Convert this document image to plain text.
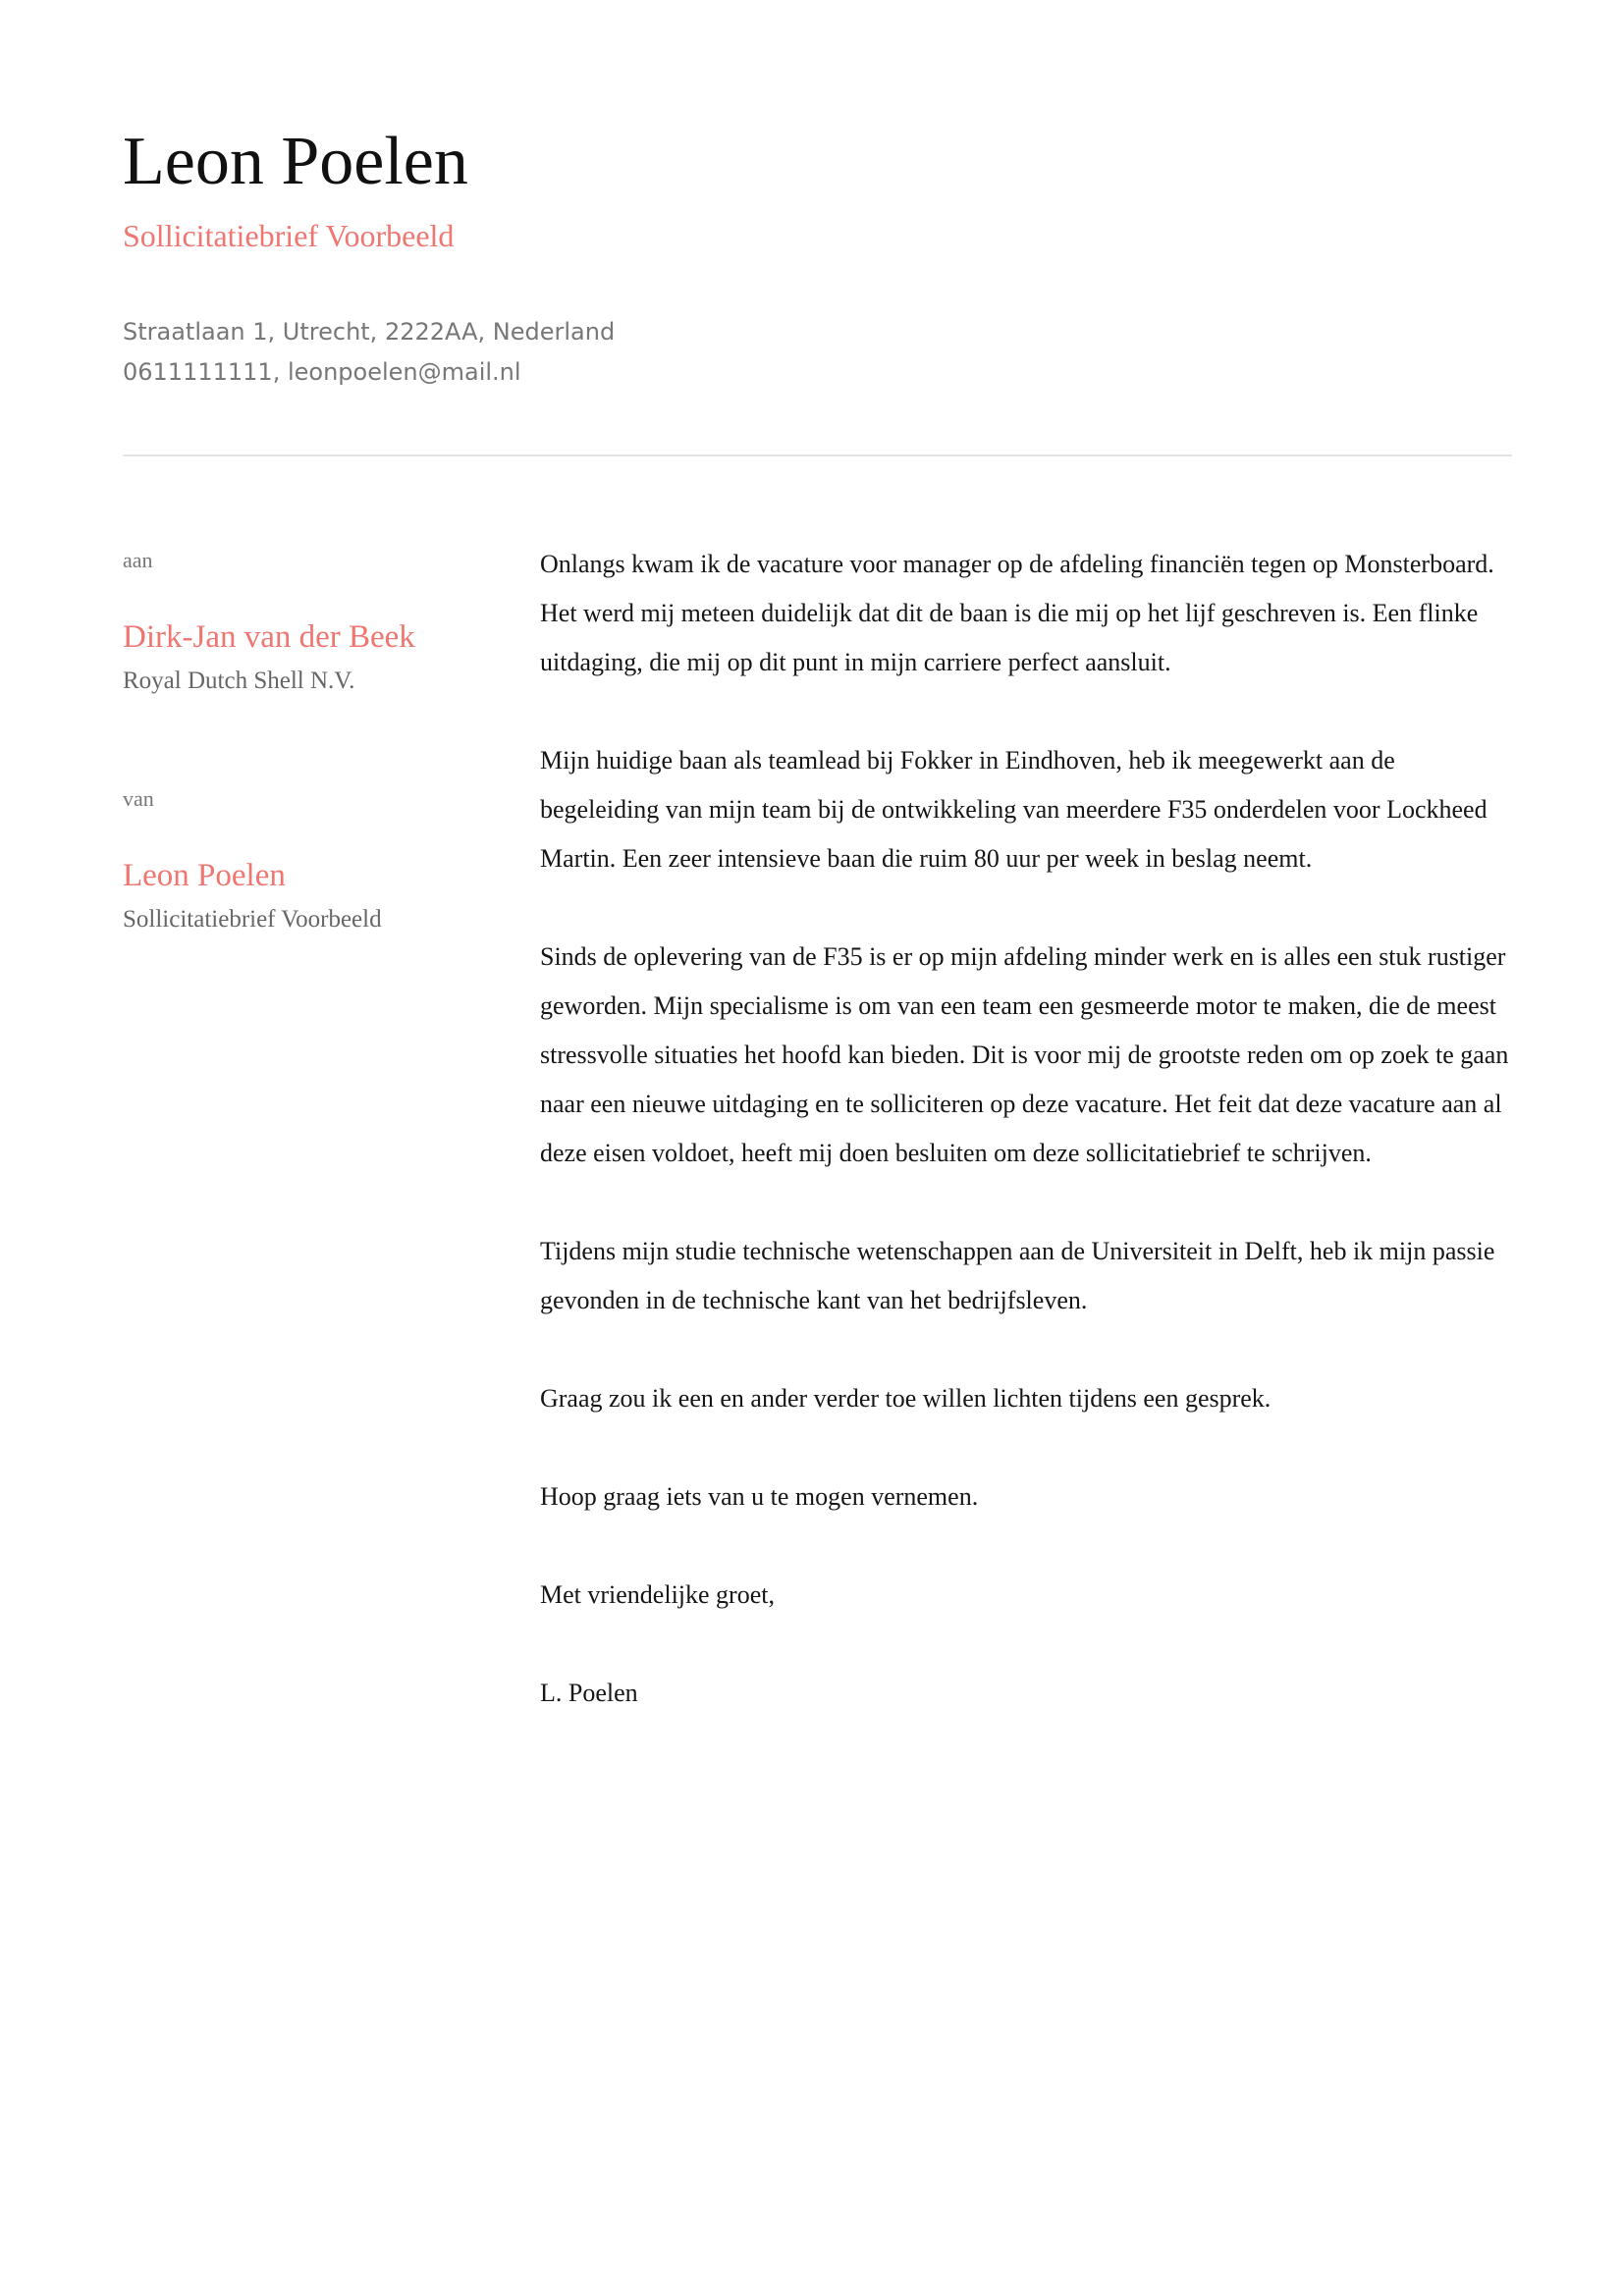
Leon Poelen
Sollicitatiebrief Voorbeeld
Straatlaan 1, Utrecht, 2222AA, Nederland
0611111111, leonpoelen@mail.nl
aan
Dirk-Jan van der Beek
Royal Dutch Shell N.V.
van
Leon Poelen
Sollicitatiebrief Voorbeeld

Onlangs kwam ik de vacature voor manager op de afdeling financiën tegen op Monsterboard. Het werd mij meteen duidelijk dat dit de baan is die mij op het lijf geschreven is. Een flinke uitdaging, die mij op dit punt in mijn carriere perfect aansluit.

Mijn huidige baan als teamlead bij Fokker in Eindhoven, heb ik meegewerkt aan de begeleiding van mijn team bij de ontwikkeling van meerdere F35 onderdelen voor Lockheed Martin. Een zeer intensieve baan die ruim 80 uur per week in beslag neemt.

Sinds de oplevering van de F35 is er op mijn afdeling minder werk en is alles een stuk rustiger geworden. Mijn specialisme is om van een team een gesmeerde motor te maken, die de meest stressvolle situaties het hoofd kan bieden. Dit is voor mij de grootste reden om op zoek te gaan naar een nieuwe uitdaging en te solliciteren op deze vacature. Het feit dat deze vacature aan al deze eisen voldoet, heeft mij doen besluiten om deze sollicitatiebrief te schrijven.

Tijdens mijn studie technische wetenschappen aan de Universiteit in Delft, heb ik mijn passie gevonden in de technische kant van het bedrijfsleven.

Graag zou ik een en ander verder toe willen lichten tijdens een gesprek.

Hoop graag iets van u te mogen vernemen.

Met vriendelijke groet,

L. Poelen
